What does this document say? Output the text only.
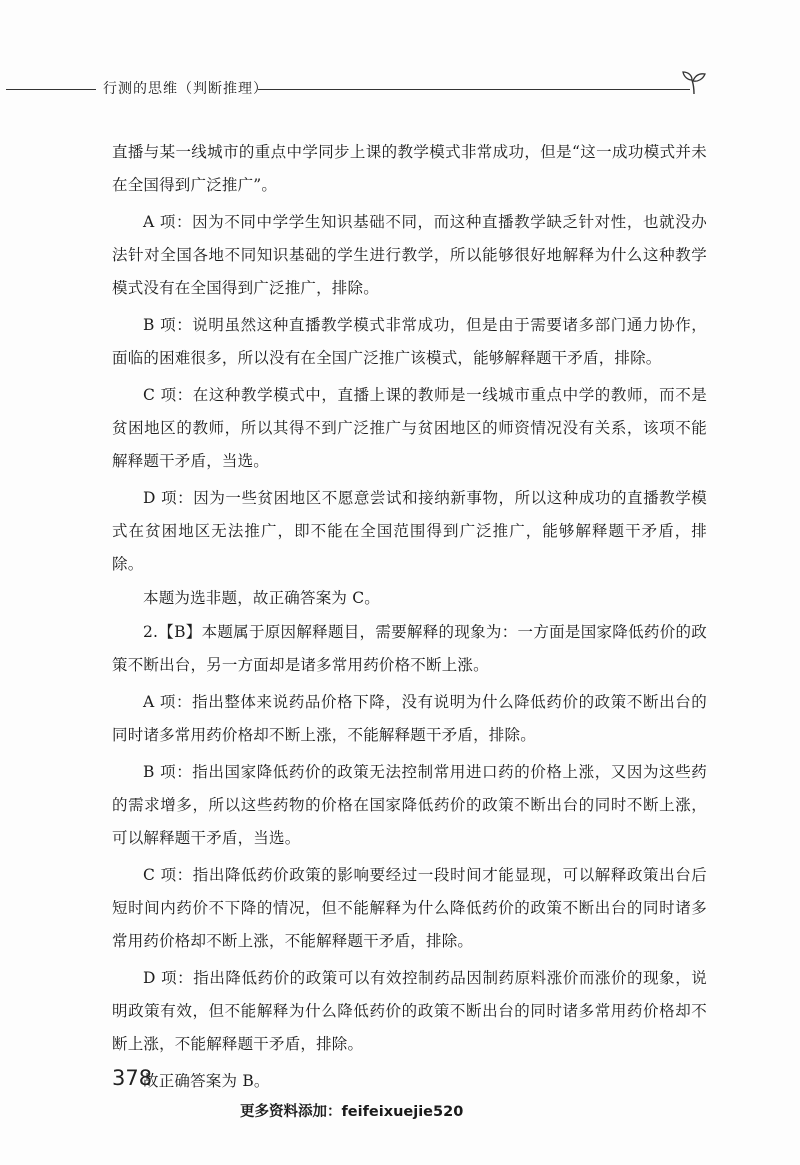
行测的思维（判断推理）

直播与某一线城市的重点中学同步上课的教学模式非常成功，但是“这一成功模式并未在全国得到广泛推广”。

A 项：因为不同中学学生知识基础不同，而这种直播教学缺乏针对性，也就没办法针对全国各地不同知识基础的学生进行教学，所以能够很好地解释为什么这种教学模式没有在全国得到广泛推广，排除。

B 项：说明虽然这种直播教学模式非常成功，但是由于需要诸多部门通力协作，面临的困难很多，所以没有在全国广泛推广该模式，能够解释题干矛盾，排除。

C 项：在这种教学模式中，直播上课的教师是一线城市重点中学的教师，而不是贫困地区的教师，所以其得不到广泛推广与贫困地区的师资情况没有关系，该项不能解释题干矛盾，当选。

D 项：因为一些贫困地区不愿意尝试和接纳新事物，所以这种成功的直播教学模式在贫困地区无法推广，即不能在全国范围得到广泛推广，能够解释题干矛盾，排除。

本题为选非题，故正确答案为 C。

2.【B】本题属于原因解释题目，需要解释的现象为：一方面是国家降低药价的政策不断出台，另一方面却是诸多常用药价格不断上涨。

A 项：指出整体来说药品价格下降，没有说明为什么降低药价的政策不断出台的同时诸多常用药价格却不断上涨，不能解释题干矛盾，排除。

B 项：指出国家降低药价的政策无法控制常用进口药的价格上涨，又因为这些药的需求增多，所以这些药物的价格在国家降低药价的政策不断出台的同时不断上涨，可以解释题干矛盾，当选。

C 项：指出降低药价政策的影响要经过一段时间才能显现，可以解释政策出台后短时间内药价不下降的情况，但不能解释为什么降低药价的政策不断出台的同时诸多常用药价格却不断上涨，不能解释题干矛盾，排除。

D 项：指出降低药价的政策可以有效控制药品因制药原料涨价而涨价的现象，说明政策有效，但不能解释为什么降低药价的政策不断出台的同时诸多常用药价格却不断上涨，不能解释题干矛盾，排除。

故正确答案为 B。

378
更多资料添加：feifeixuejie520
